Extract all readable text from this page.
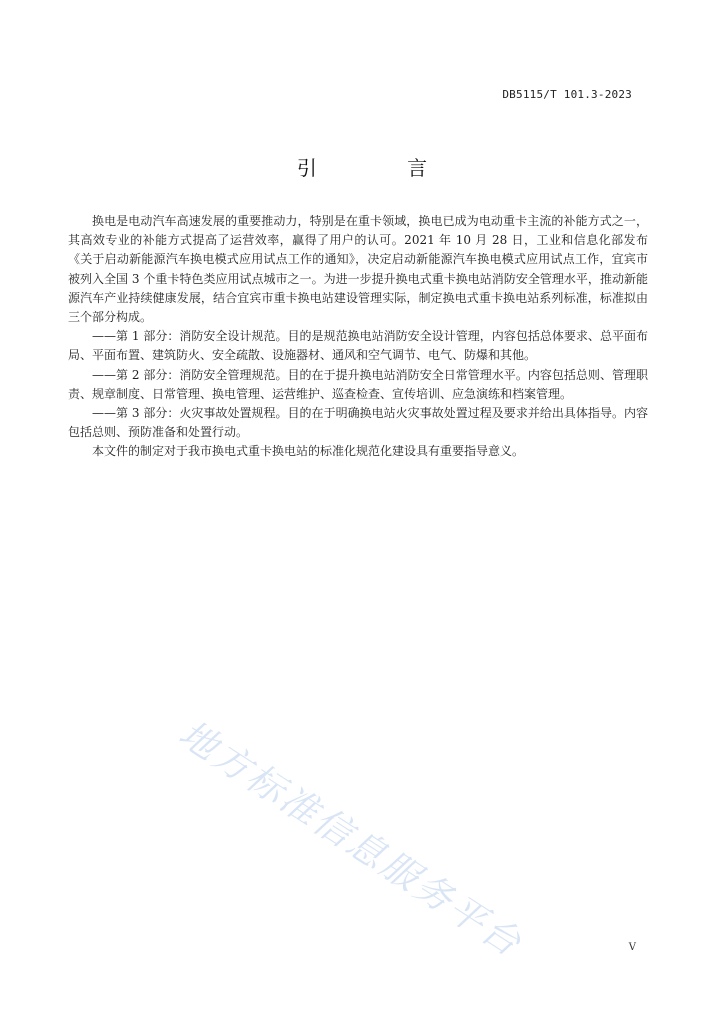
DB5115/T 101.3-2023
引 言

换电是电动汽车高速发展的重要推动力，特别是在重卡领域，换电已成为电动重卡主流的补能方式之一，其高效专业的补能方式提高了运营效率，赢得了用户的认可。2021 年 10 月 28 日，工业和信息化部发布《关于启动新能源汽车换电模式应用试点工作的通知》，决定启动新能源汽车换电模式应用试点工作，宜宾市被列入全国 3 个重卡特色类应用试点城市之一。为进一步提升换电式重卡换电站消防安全管理水平，推动新能源汽车产业持续健康发展，结合宜宾市重卡换电站建设管理实际，制定换电式重卡换电站系列标准，标准拟由三个部分构成。

——第 1 部分：消防安全设计规范。目的是规范换电站消防安全设计管理，内容包括总体要求、总平面布局、平面布置、建筑防火、安全疏散、设施器材、通风和空气调节、电气、防爆和其他。

——第 2 部分：消防安全管理规范。目的在于提升换电站消防安全日常管理水平。内容包括总则、管理职责、规章制度、日常管理、换电管理、运营维护、巡查检查、宣传培训、应急演练和档案管理。

——第 3 部分：火灾事故处置规程。目的在于明确换电站火灾事故处置过程及要求并给出具体指导。内容包括总则、预防准备和处置行动。

本文件的制定对于我市换电式重卡换电站的标准化规范化建设具有重要指导意义。

地方标准信息服务平台	V
